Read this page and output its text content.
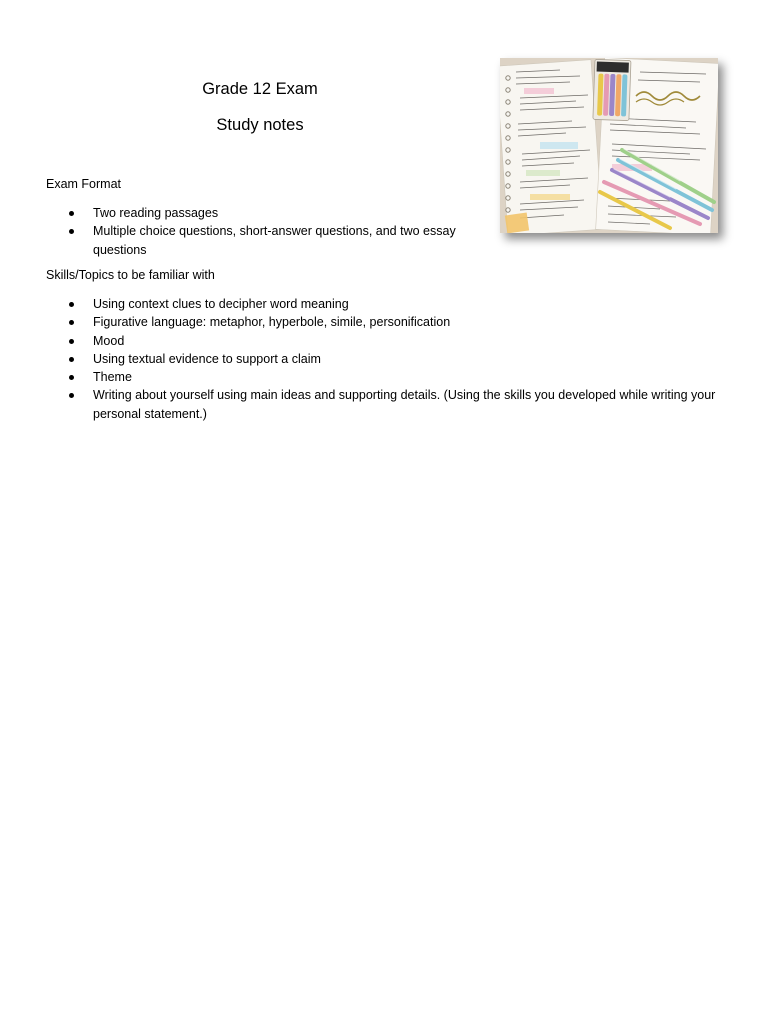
Grade 12 Exam
Study notes

Exam Format

Two reading passages
Multiple choice questions, short-answer questions, and two essay questions

Skills/Topics to be familiar with

Using context clues to decipher word meaning
Figurative language: metaphor, hyperbole, simile, personification
Mood
Using textual evidence to support a claim
Theme
Writing about yourself using main ideas and supporting details. (Using the skills you developed while writing your personal statement.)
